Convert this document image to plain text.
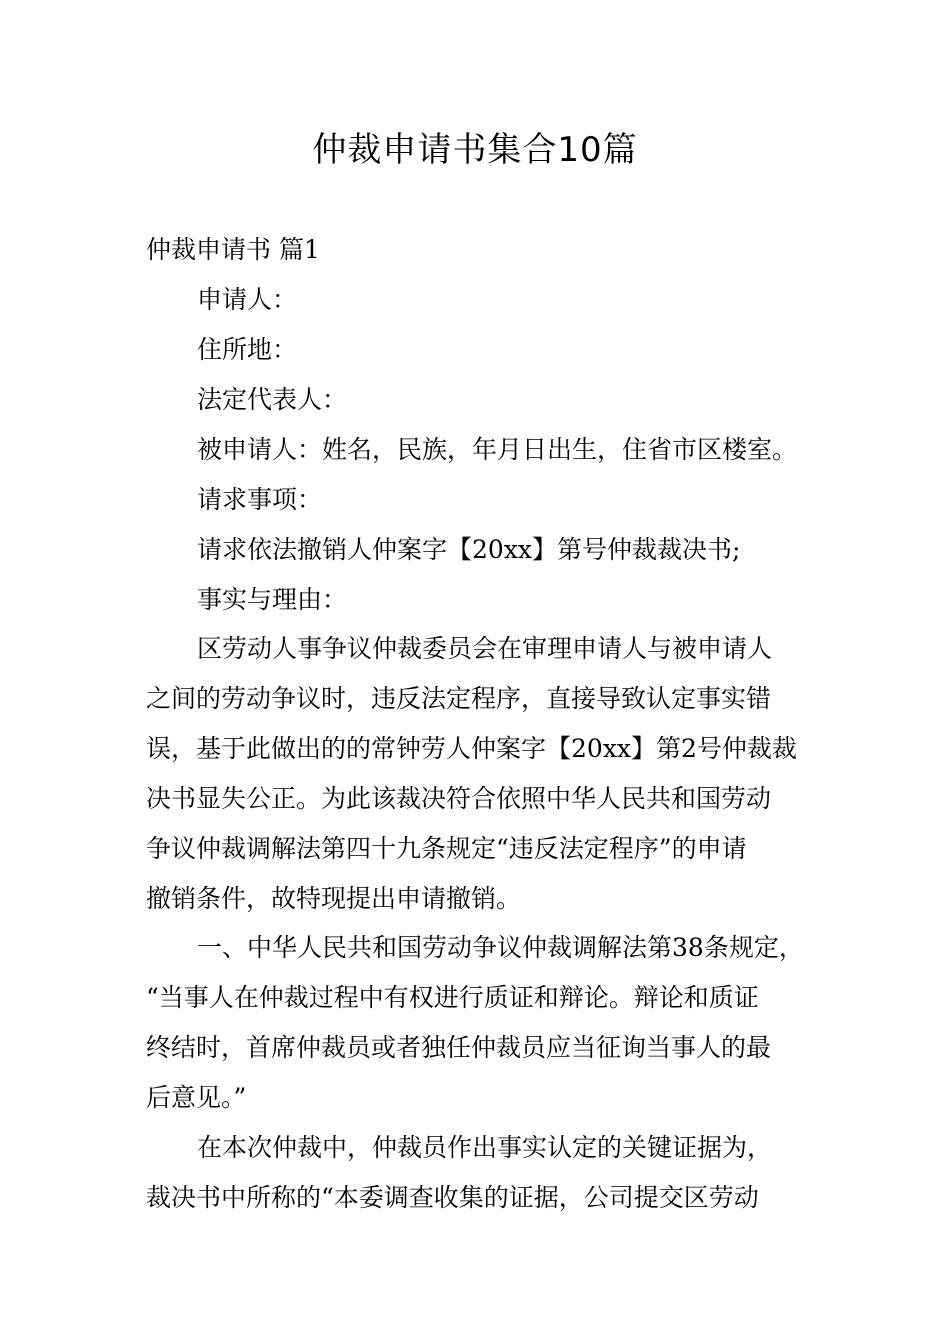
仲裁申请书集合10篇

仲裁申请书 篇1

申请人：

住所地：

法定代表人：

被申请人：姓名，民族，年月日出生，住省市区楼室。

请求事项：

请求依法撤销人仲案字【20xx】第号仲裁裁决书;

事实与理由：

区劳动人事争议仲裁委员会在审理申请人与被申请人

之间的劳动争议时，违反法定程序，直接导致认定事实错

误，基于此做出的的常钟劳人仲案字【20xx】第2号仲裁裁

决书显失公正。为此该裁决符合依照中华人民共和国劳动

争议仲裁调解法第四十九条规定“违反法定程序”的申请

撤销条件，故特现提出申请撤销。

一、中华人民共和国劳动争议仲裁调解法第38条规定，

“当事人在仲裁过程中有权进行质证和辩论。辩论和质证

终结时，首席仲裁员或者独任仲裁员应当征询当事人的最

后意见。”

在本次仲裁中，仲裁员作出事实认定的关键证据为，

裁决书中所称的“本委调查收集的证据，公司提交区劳动
